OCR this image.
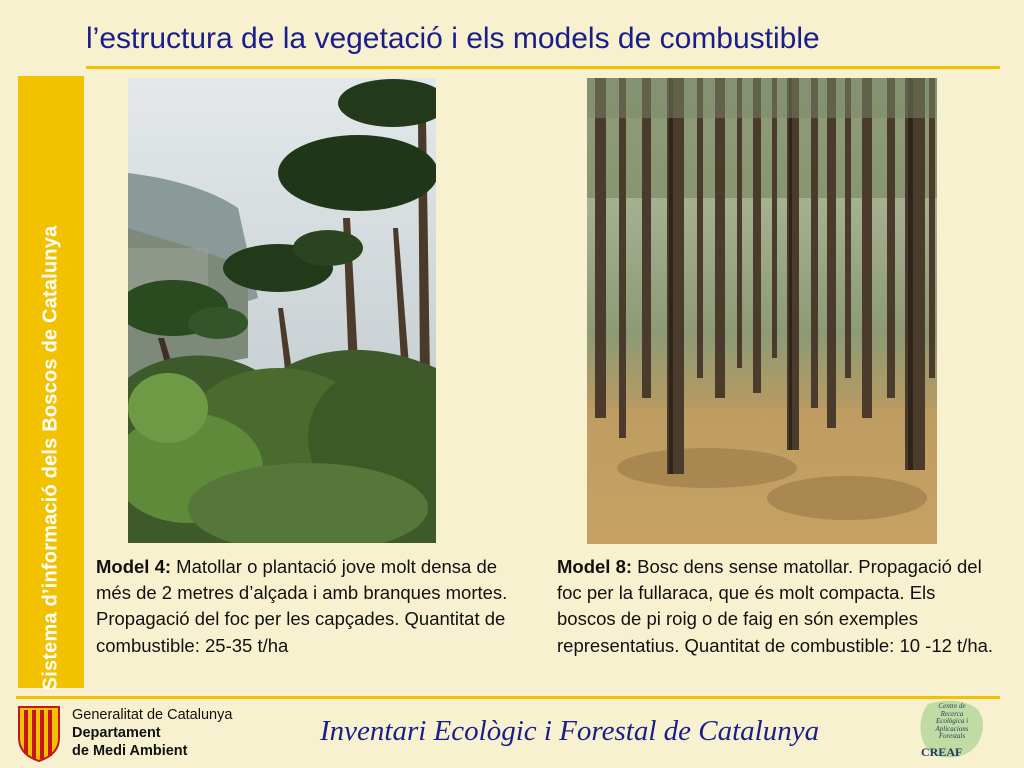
l’estructura de la vegetació i els models de combustible
Sistema d’informació dels Boscos de Catalunya Model 4: Matollar o plantació jove molt densa de més de 2 metres d’alçada i amb branques mortes. Propagació del foc per les capçades. Quantitat de combustible: 25-35 t/ha
Model 8: Bosc dens sense matollar. Propagació del foc per la fullaraca, que és molt compacta. Els boscos de pi roig o de faig en són exemples representatius. Quantitat de combustible: 10 -12 t/ha.
Generalitat de Catalunya
Departament
de Medi Ambient
Inventari Ecològic i Forestal de Catalunya
Centre de
Recerca
Ecològica i
Aplicacions
Forestals
CREAF
